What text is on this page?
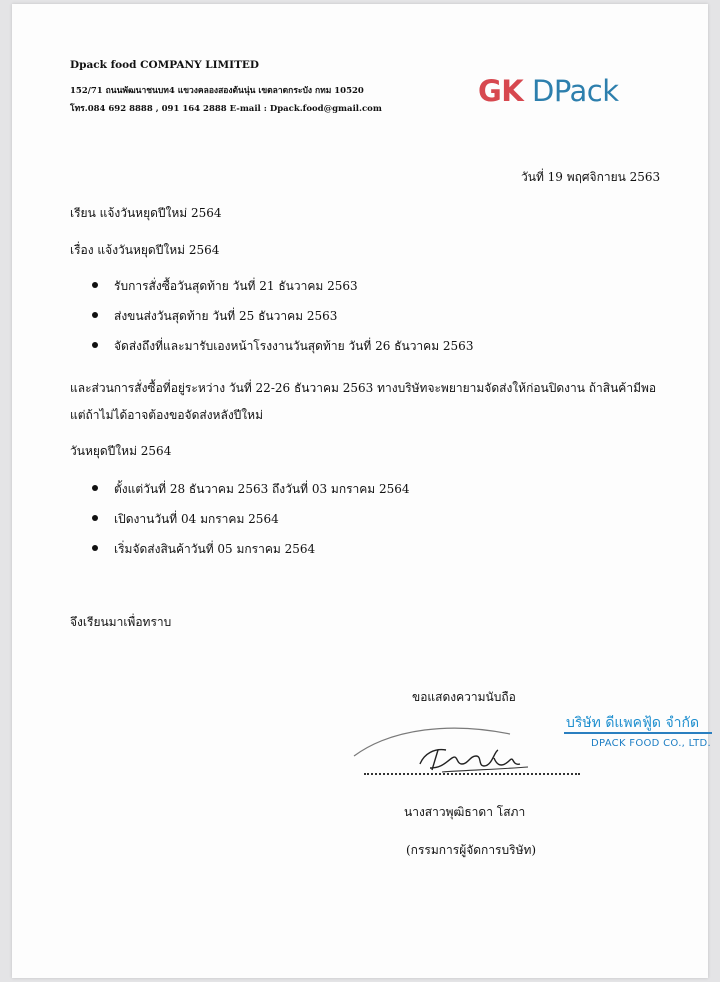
Dpack food COMPANY LIMITED
152/71 ถนนพัฒนาชนบท4 แขวงคลองสองต้นนุ่น เขตลาดกระบัง กทม 10520
โทร.084 692 8888 , 091 164 2888 E-mail : Dpack.food@gmail.com
GK DPack
วันที่ 19 พฤศจิกายน 2563
เรียน แจ้งวันหยุดปีใหม่ 2564
เรื่อง แจ้งวันหยุดปีใหม่ 2564
รับการสั่งซื้อวันสุดท้าย วันที่ 21 ธันวาคม 2563
ส่งขนส่งวันสุดท้าย วันที่ 25 ธันวาคม 2563
จัดส่งถึงที่และมารับเองหน้าโรงงานวันสุดท้าย วันที่ 26 ธันวาคม 2563
และส่วนการสั่งซื้อที่อยู่ระหว่าง วันที่ 22-26 ธันวาคม 2563 ทางบริษัทจะพยายามจัดส่งให้ก่อนปิดงาน ถ้าสินค้ามีพอ
แต่ถ้าไม่ได้อาจต้องขอจัดส่งหลังปีใหม่
วันหยุดปีใหม่ 2564
ตั้งแต่วันที่ 28 ธันวาคม 2563 ถึงวันที่ 03 มกราคม 2564
เปิดงานวันที่ 04 มกราคม 2564
เริ่มจัดส่งสินค้าวันที่ 05 มกราคม 2564
จึงเรียนมาเพื่อทราบ
ขอแสดงความนับถือ
บริษัท ดีแพคฟู้ด จำกัด
DPACK FOOD CO., LTD.
นางสาวพุฒิธาดา โสภา
(กรรมการผู้จัดการบริษัท)
